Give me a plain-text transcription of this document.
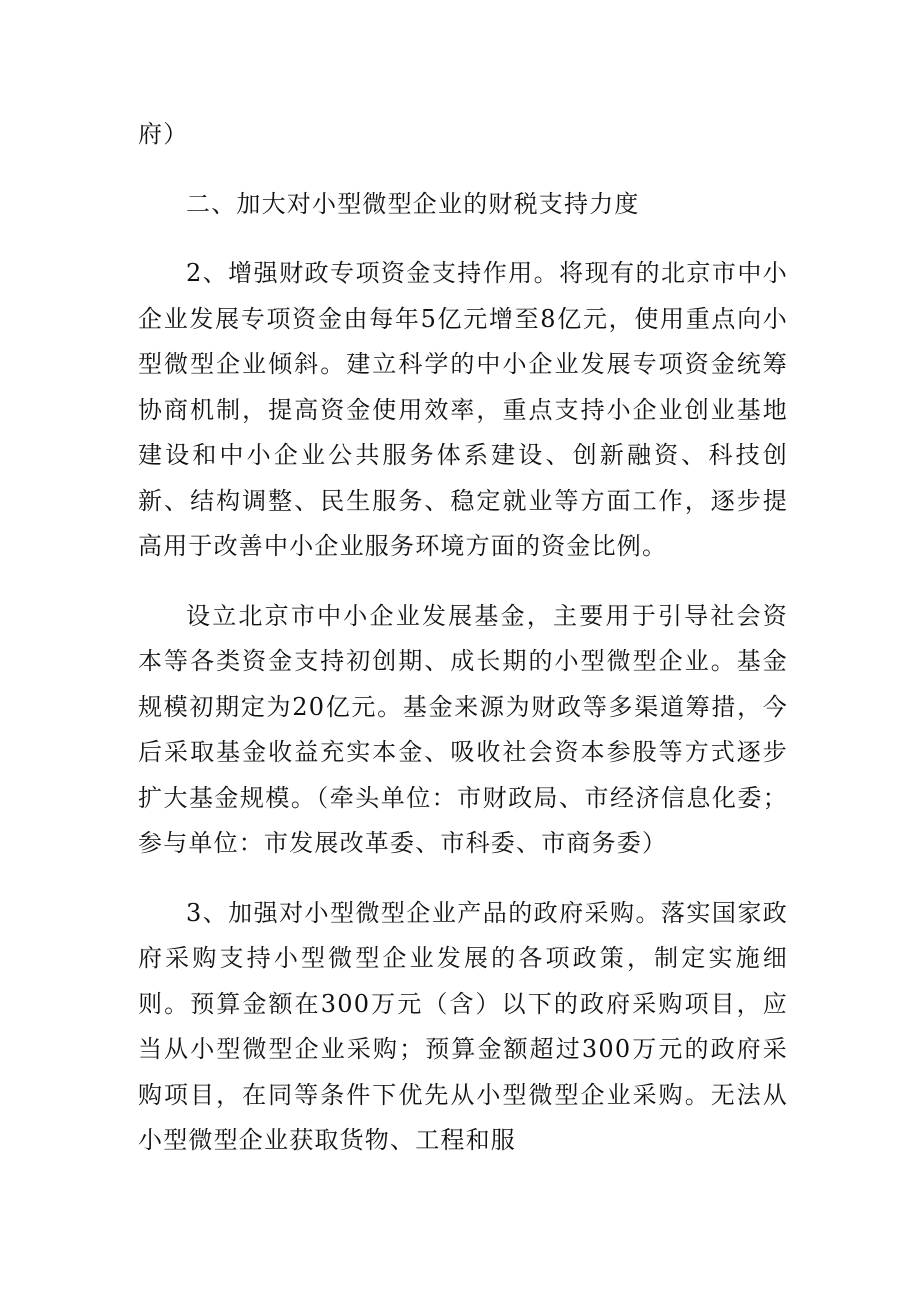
府）

二、加大对小型微型企业的财税支持力度

2、增强财政专项资金支持作用。将现有的北京市中小企业发展专项资金由每年5亿元增至8亿元，使用重点向小型微型企业倾斜。建立科学的中小企业发展专项资金统筹协商机制，提高资金使用效率，重点支持小企业创业基地建设和中小企业公共服务体系建设、创新融资、科技创新、结构调整、民生服务、稳定就业等方面工作，逐步提高用于改善中小企业服务环境方面的资金比例。

设立北京市中小企业发展基金，主要用于引导社会资本等各类资金支持初创期、成长期的小型微型企业。基金规模初期定为20亿元。基金来源为财政等多渠道筹措，今后采取基金收益充实本金、吸收社会资本参股等方式逐步扩大基金规模。（牵头单位：市财政局、市经济信息化委；参与单位：市发展改革委、市科委、市商务委）

3、加强对小型微型企业产品的政府采购。落实国家政府采购支持小型微型企业发展的各项政策，制定实施细则。预算金额在300万元（含）以下的政府采购项目，应当从小型微型企业采购；预算金额超过300万元的政府采购项目，在同等条件下优先从小型微型企业采购。无法从小型微型企业获取货物、工程和服
